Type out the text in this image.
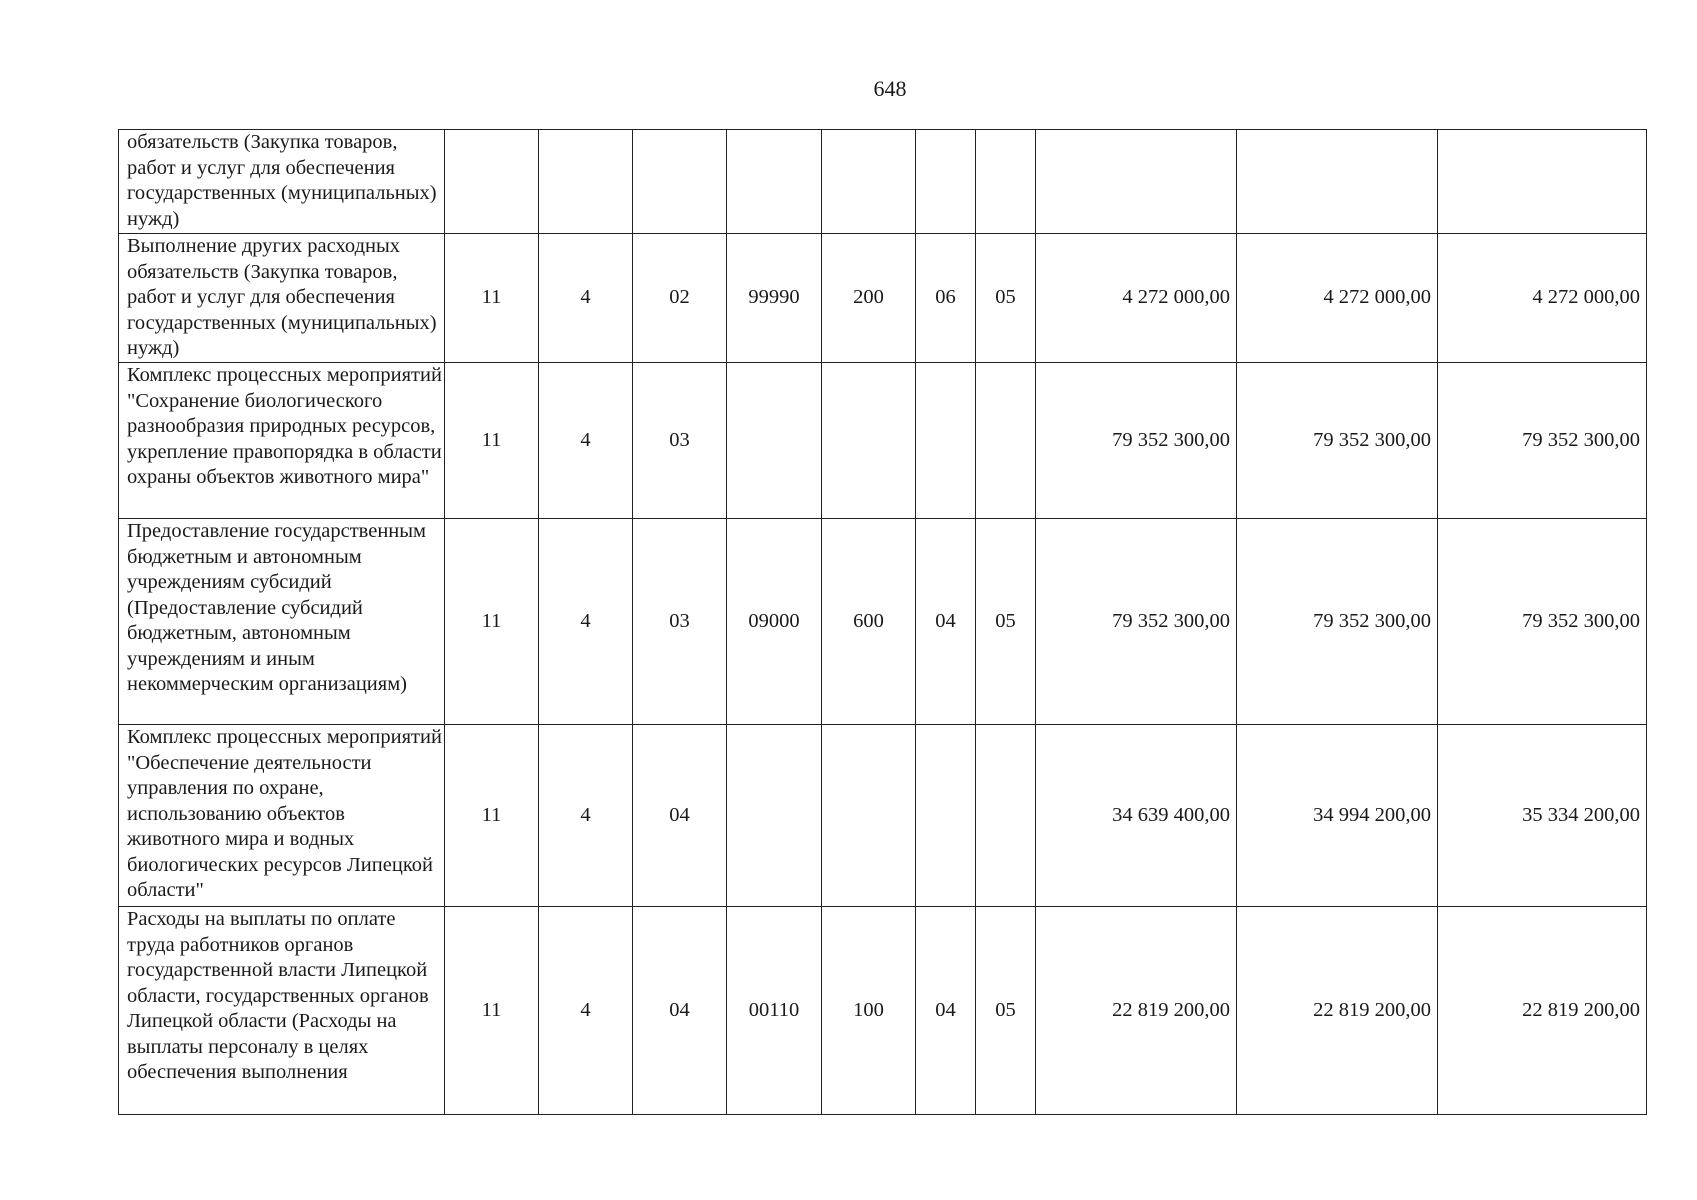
648
обязательств (Закупка товаров, работ и услуг для обеспечения государственных (муниципальных) нужд)										
Выполнение других расходных обязательств (Закупка товаров, работ и услуг для обеспечения государственных (муниципальных) нужд)	11	4	02	99990	200	06	05	4 272 000,00	4 272 000,00	4 272 000,00
Комплекс процессных мероприятий "Сохранение биологического разнообразия природных ресурсов, укрепление правопорядка в области охраны объектов животного мира"	11	4	03					79 352 300,00	79 352 300,00	79 352 300,00
Предоставление государственным бюджетным и автономным учреждениям субсидий (Предоставление субсидий бюджетным, автономным учреждениям и иным некоммерческим организациям)	11	4	03	09000	600	04	05	79 352 300,00	79 352 300,00	79 352 300,00
Комплекс процессных мероприятий "Обеспечение деятельности управления по охране, использованию объектов животного мира и водных биологических ресурсов Липецкой области"	11	4	04					34 639 400,00	34 994 200,00	35 334 200,00
Расходы на выплаты по оплате труда работников органов государственной власти Липецкой области, государственных органов Липецкой области (Расходы на выплаты персоналу в целях обеспечения выполнения	11	4	04	00110	100	04	05	22 819 200,00	22 819 200,00	22 819 200,00
